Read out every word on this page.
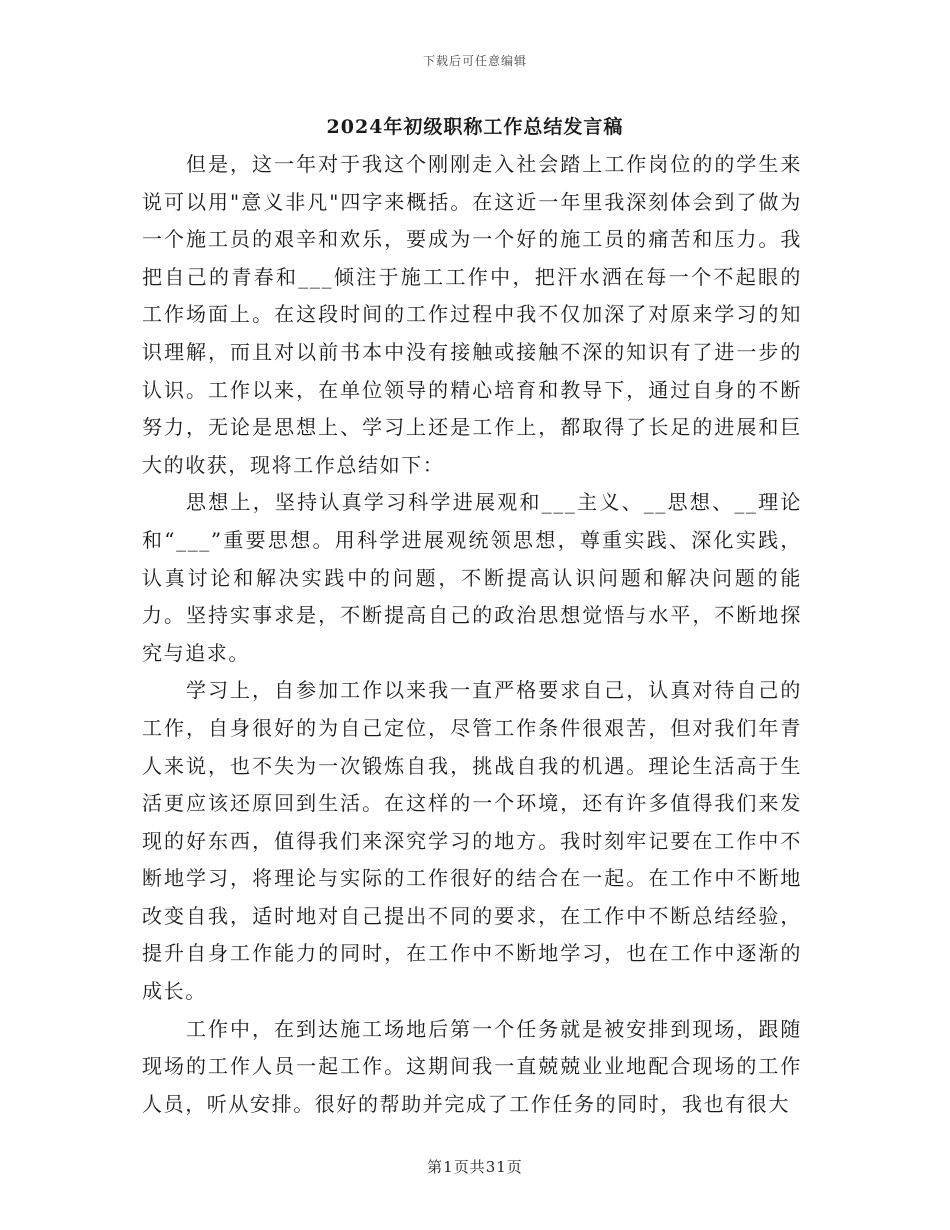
下载后可任意编辑
2024年初级职称工作总结发言稿

但是，这一年对于我这个刚刚走入社会踏上工作岗位的的学生来说可以用"意义非凡"四字来概括。在这近一年里我深刻体会到了做为一个施工员的艰辛和欢乐，要成为一个好的施工员的痛苦和压力。我把自己的青春和___倾注于施工工作中，把汗水洒在每一个不起眼的工作场面上。在这段时间的工作过程中我不仅加深了对原来学习的知识理解，而且对以前书本中没有接触或接触不深的知识有了进一步的认识。工作以来，在单位领导的精心培育和教导下，通过自身的不断努力，无论是思想上、学习上还是工作上，都取得了长足的进展和巨大的收获，现将工作总结如下：

思想上，坚持认真学习科学进展观和___主义、__思想、__理论和“___”重要思想。用科学进展观统领思想，尊重实践、深化实践，认真讨论和解决实践中的问题，不断提高认识问题和解决问题的能力。坚持实事求是，不断提高自己的政治思想觉悟与水平，不断地探究与追求。

学习上，自参加工作以来我一直严格要求自己，认真对待自己的工作，自身很好的为自己定位，尽管工作条件很艰苦，但对我们年青人来说，也不失为一次锻炼自我，挑战自我的机遇。理论生活高于生活更应该还原回到生活。在这样的一个环境，还有许多值得我们来发现的好东西，值得我们来深究学习的地方。我时刻牢记要在工作中不断地学习，将理论与实际的工作很好的结合在一起。在工作中不断地改变自我，适时地对自己提出不同的要求，在工作中不断总结经验，提升自身工作能力的同时，在工作中不断地学习，也在工作中逐渐的成长。

工作中，在到达施工场地后第一个任务就是被安排到现场，跟随现场的工作人员一起工作。这期间我一直兢兢业业地配合现场的工作人员，听从安排。很好的帮助并完成了工作任务的同时，我也有很大

第1页共31页
